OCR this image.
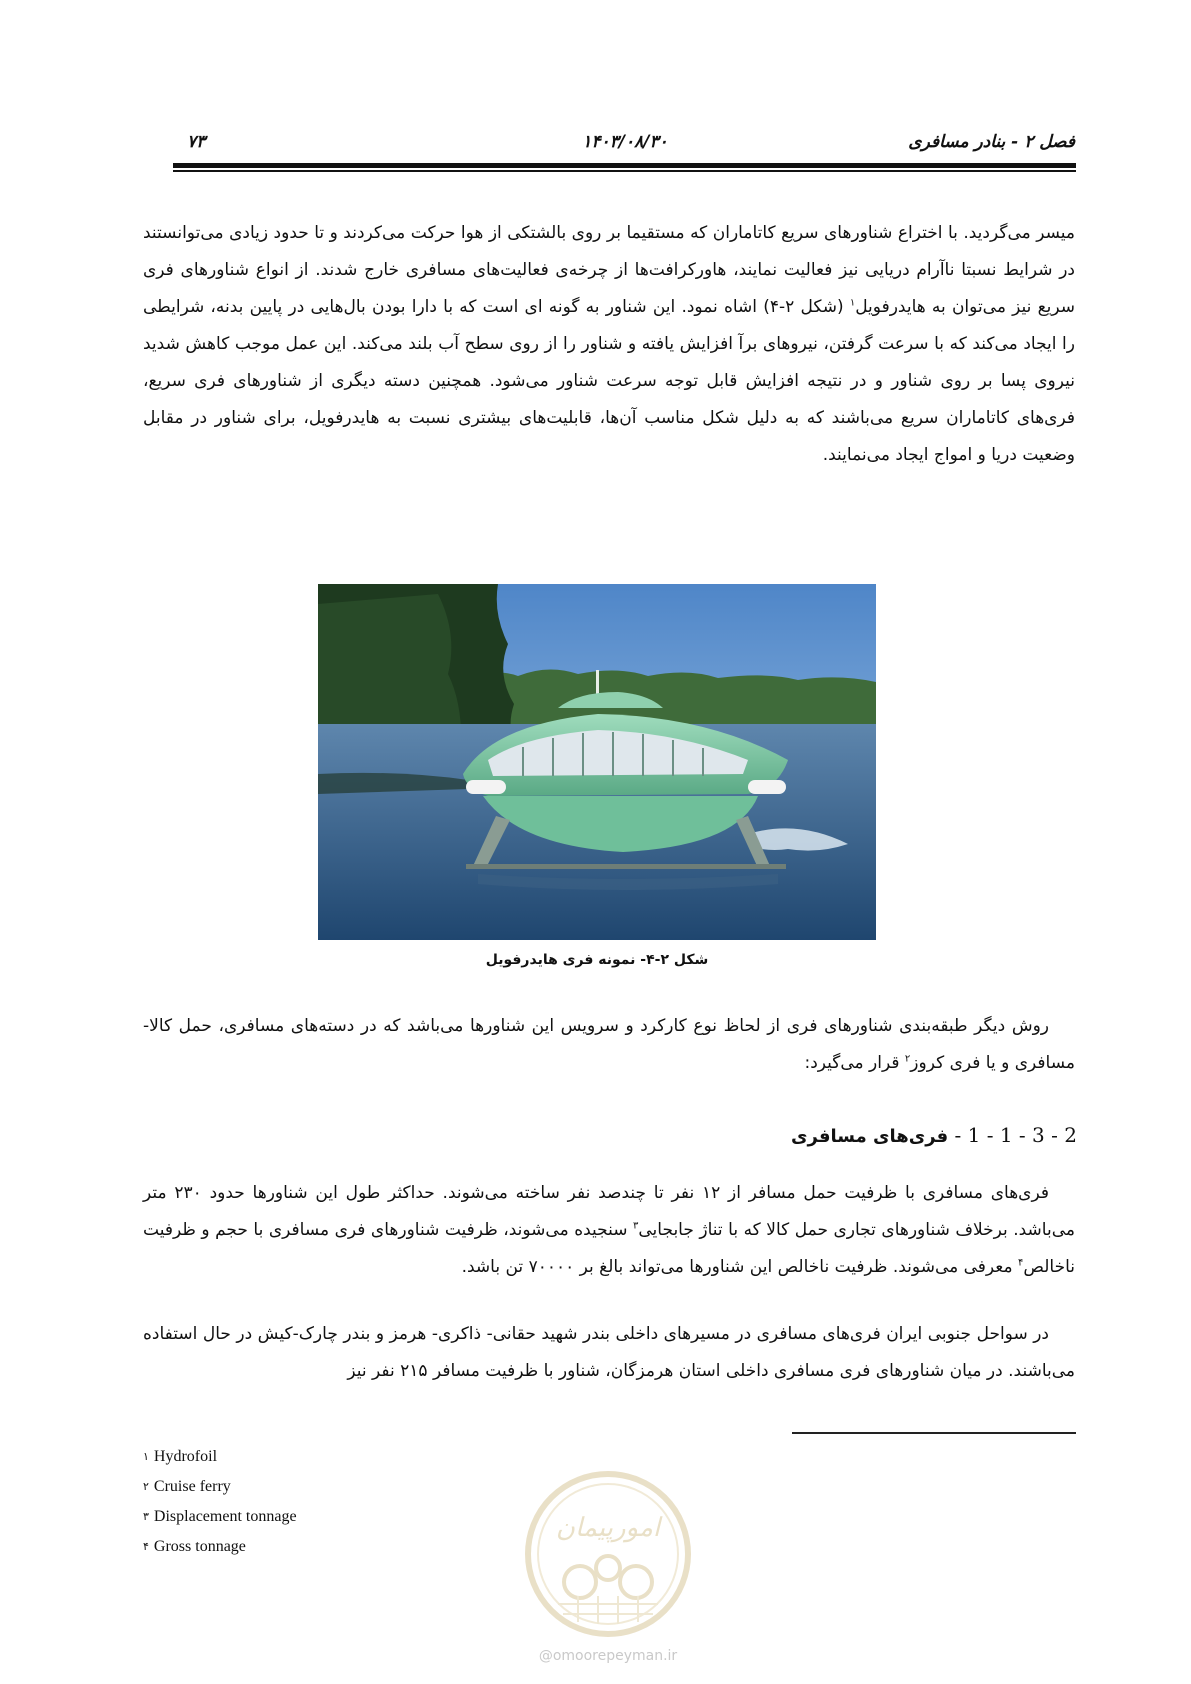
فصل ۲ - بنادر مسافری
۱۴۰۳/۰۸/۳۰
۷۳

میسر می‌گردید. با اختراع شناورهای سریع کاتاماران که مستقیما بر روی بالشتکی از هوا حرکت می‌کردند و تا حدود زیادی می‌توانستند در شرایط نسبتا ناآرام دریایی نیز فعالیت نمایند، هاورکرافت‌ها از چرخه‌ی فعالیت‌های مسافری خارج شدند. از انواع شناورهای فری سریع نیز می‌توان به هایدرفویل$^۱$ (شکل ۲-۴) اشاه نمود. این شناور به گونه ای است که با دارا بودن بال‌هایی در پایین بدنه، شرایطی را ایجاد می‌کند که با سرعت گرفتن، نیروهای برآ افزایش یافته و شناور را از روی سطح آب بلند می‌کند. این عمل موجب کاهش شدید نیروی پسا بر روی شناور و در نتیجه افزایش قابل توجه سرعت شناور می‌شود. همچنین دسته دیگری از شناورهای فری سریع، فری‌های کاتاماران سریع می‌باشند که به دلیل شکل مناسب آن‌ها، قابلیت‌های بیشتری نسبت به هایدرفویل، برای شناور در مقابل وضعیت دریا و امواج ایجاد می‌نمایند.

شکل ۲-۴- نمونه فری هایدرفویل

روش دیگر طبقه‌بندی شناورهای فری از لحاظ نوع کارکرد و سرویس این شناورها می‌باشد که در دسته‌های مسافری، حمل کالا-مسافری و یا فری کروز$^۲$ قرار می‌گیرد:

2 - 3 - 1 - 1 - فری‌های مسافری

فری‌های مسافری با ظرفیت حمل مسافر از ۱۲ نفر تا چندصد نفر ساخته می‌شوند. حداکثر طول این شناورها حدود ۲۳۰ متر می‌باشد. برخلاف شناورهای تجاری حمل کالا که با تناژ جابجایی$^۳$ سنجیده می‌شوند، ظرفیت شناورهای فری مسافری با حجم و ظرفیت ناخالص$^۴$ معرفی می‌شوند. ظرفیت ناخالص این شناورها می‌تواند بالغ بر ۷۰۰۰۰ تن باشد.

در سواحل جنوبی ایران فری‌های مسافری در مسیرهای داخلی بندر شهید حقانی- ذاکری- هرمز و بندر چارک-کیش در حال استفاده می‌باشند. در میان شناورهای فری مسافری داخلی استان هرمزگان، شناور با ظرفیت مسافر ۲۱۵ نفر نیز

$^۱$ Hydrofoil
$^۲$ Cruise ferry
$^۳$ Displacement tonnage
$^۴$ Gross tonnage
امورپیمان
@omoorepeyman.ir
